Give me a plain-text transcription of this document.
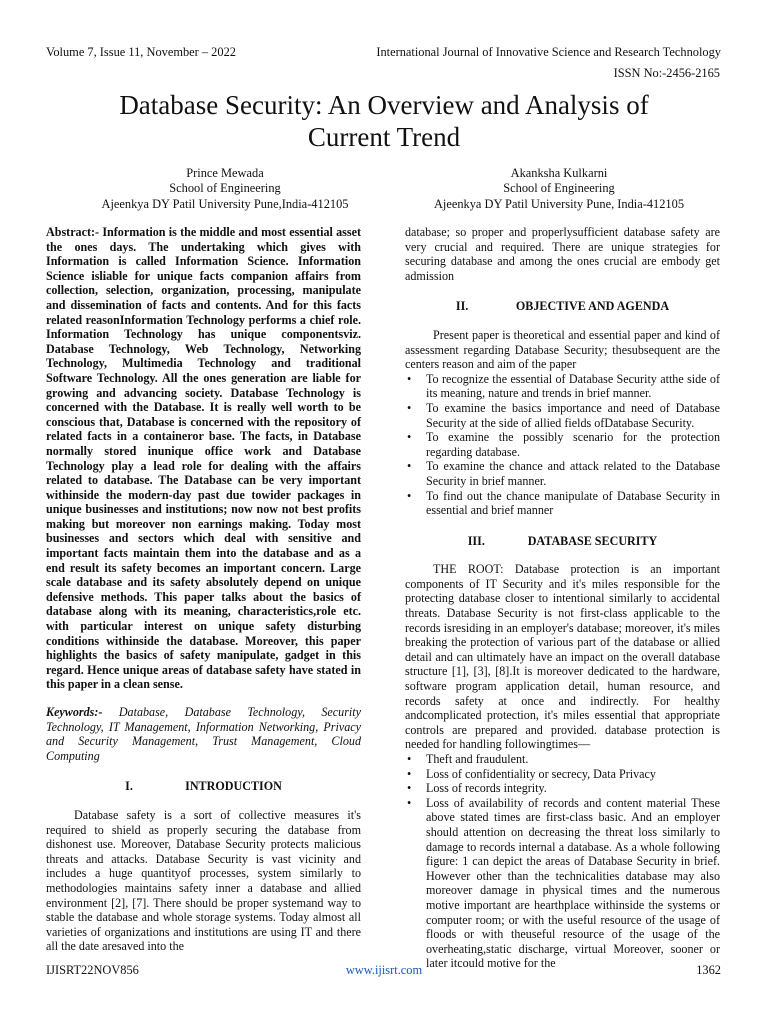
Volume 7, Issue 11, November – 2022	International Journal of Innovative Science and Research Technology
ISSN No:-2456-2165
Database Security: An Overview and Analysis of
Current Trend
Prince Mewada
School of Engineering
Ajeenkya DY Patil University Pune,India-412105
Akanksha Kulkarni
School of Engineering
Ajeenkya DY Patil University Pune, India-412105

Abstract:- Information is the middle and most essential asset the ones days. The undertaking which gives with Information is called Information Science. Information Science isliable for unique facts companion affairs from collection, selection, organization, processing, manipulate and dissemination of facts and contents. And for this facts related reasonInformation Technology performs a chief role. Information Technology has unique componentsviz. Database Technology, Web Technology, Networking Technology, Multimedia Technology and traditional Software Technology. All the ones generation are liable for growing and advancing society. Database Technology is concerned with the Database. It is really well worth to be conscious that, Database is concerned with the repository of related facts in a containeror base. The facts, in Database normally stored inunique office work and Database Technology play a lead role for dealing with the affairs related to database. The Database can be very important withinside the modern-day past due towider packages in unique businesses and institutions; now now not best profits making but moreover non earnings making. Today most businesses and sectors which deal with sensitive and important facts maintain them into the database and as a end result its safety becomes an important concern. Large scale database and its safety absolutely depend on unique defensive methods. This paper talks about the basics of database along with its meaning, characteristics,role etc. with particular interest on unique safety disturbing conditions withinside the database. Moreover, this paper highlights the basics of safety manipulate, gadget in this regard. Hence unique areas of database safety have stated in this paper in a clean sense.

Keywords:- Database, Database Technology, Security Technology, IT Management, Information Networking, Privacy and Security Management, Trust Management, Cloud Computing

I.	INTRODUCTION

Database safety is a sort of collective measures it's required to shield as properly securing the database from dishonest use. Moreover, Database Security protects malicious threats and attacks. Database Security is vast vicinity and includes a huge quantityof processes, system similarly to methodologies maintains safety inner a database and allied environment [2], [7]. There should be proper systemand way to stable the database and whole storage systems. Today almost all varieties of organizations and institutions are using IT and there all the date aresaved into the

database; so proper and properlysufficient database safety are very crucial and required. There are unique strategies for securing database and among the ones crucial are embody get admission

II.	OBJECTIVE AND AGENDA

Present paper is theoretical and essential paper and kind of assessment regarding Database Security; thesubsequent are the centers reason and aim of the paper

• To recognize the essential of Database Security atthe side of its meaning, nature and trends in brief manner.
• To examine the basics importance and need of Database Security at the side of allied fields ofDatabase Security.
• To examine the possibly scenario for the protection regarding database.
• To examine the chance and attack related to the Database Security in brief manner.
• To find out the chance manipulate of Database Security in essential and brief manner
III.	DATABASE SECURITY

THE ROOT: Database protection is an important components of IT Security and it's miles responsible for the protecting database closer to intentional similarly to accidental threats. Database Security is not first-class applicable to the records isresiding in an employer's database; moreover, it's miles breaking the protection of various part of the database or allied detail and can ultimately have an impact on the overall database structure [1], [3], [8].It is moreover dedicated to the hardware, software program application detail, human resource, and records safety at once and indirectly. For healthy andcomplicated protection, it's miles essential that appropriate controls are prepared and provided. database protection is needed for handling followingtimes—

• Theft and fraudulent.
• Loss of confidentiality or secrecy, Data Privacy
• Loss of records integrity.
• Loss of availability of records and content material These above stated times are first-class basic. And an employer should attention on decreasing the threat loss similarly to damage to records internal a database. As a whole following figure: 1 can depict the areas of Database Security in brief. However other than the technicalities database may also moreover damage in physical times and the numerous motive important are hearthplace withinside the systems or computer room; or with the useful resource of the usage of floods or with theuseful resource of the usage of the overheating,static discharge, virtual Moreover, sooner or later itcould motive for the
IJISRT22NOV856	www.ijisrt.com	1362
